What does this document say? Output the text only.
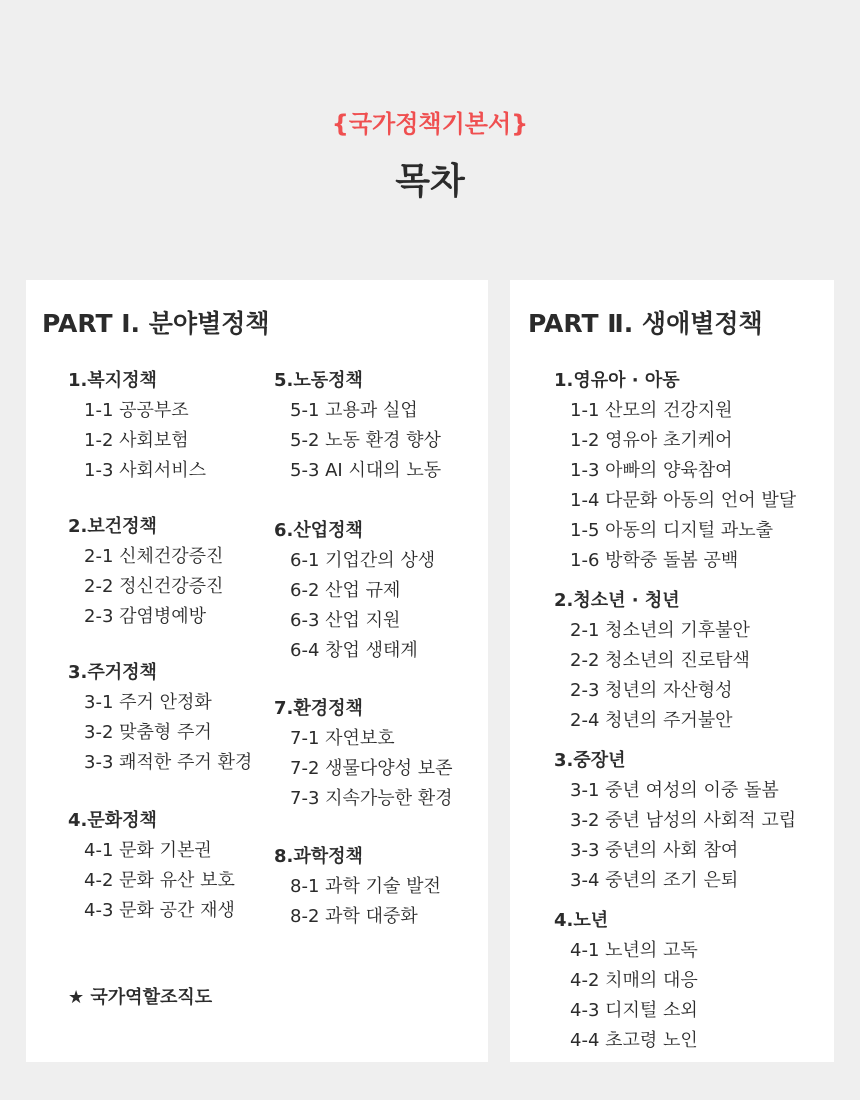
{국가정책기본서}
목차
PART Ⅰ. 분야별정책
1.복지정책
1-1 공공부조
1-2 사회보험
1-3 사회서비스
2.보건정책
2-1 신체건강증진
2-2 정신건강증진
2-3 감염병예방
3.주거정책
3-1 주거 안정화
3-2 맞춤형 주거
3-3 쾌적한 주거 환경
4.문화정책
4-1 문화 기본권
4-2 문화 유산 보호
4-3 문화 공간 재생
5.노동정책
5-1 고용과 실업
5-2 노동 환경 향상
5-3 AI 시대의 노동
6.산업정책
6-1 기업간의 상생
6-2 산업 규제
6-3 산업 지원
6-4 창업 생태계
7.환경정책
7-1 자연보호
7-2 생물다양성 보존
7-3 지속가능한 환경
8.과학정책
8-1 과학 기술 발전
8-2 과학 대중화
★ 국가역할조직도
PART Ⅱ. 생애별정책
1.영유아 · 아동
1-1 산모의 건강지원
1-2 영유아 초기케어
1-3 아빠의 양육참여
1-4 다문화 아동의 언어 발달
1-5 아동의 디지털 과노출
1-6 방학중 돌봄 공백
2.청소년 · 청년
2-1 청소년의 기후불안
2-2 청소년의 진로탐색
2-3 청년의 자산형성
2-4 청년의 주거불안
3.중장년
3-1 중년 여성의 이중 돌봄
3-2 중년 남성의 사회적 고립
3-3 중년의 사회 참여
3-4 중년의 조기 은퇴
4.노년
4-1 노년의 고독
4-2 치매의 대응
4-3 디지털 소외
4-4 초고령 노인
